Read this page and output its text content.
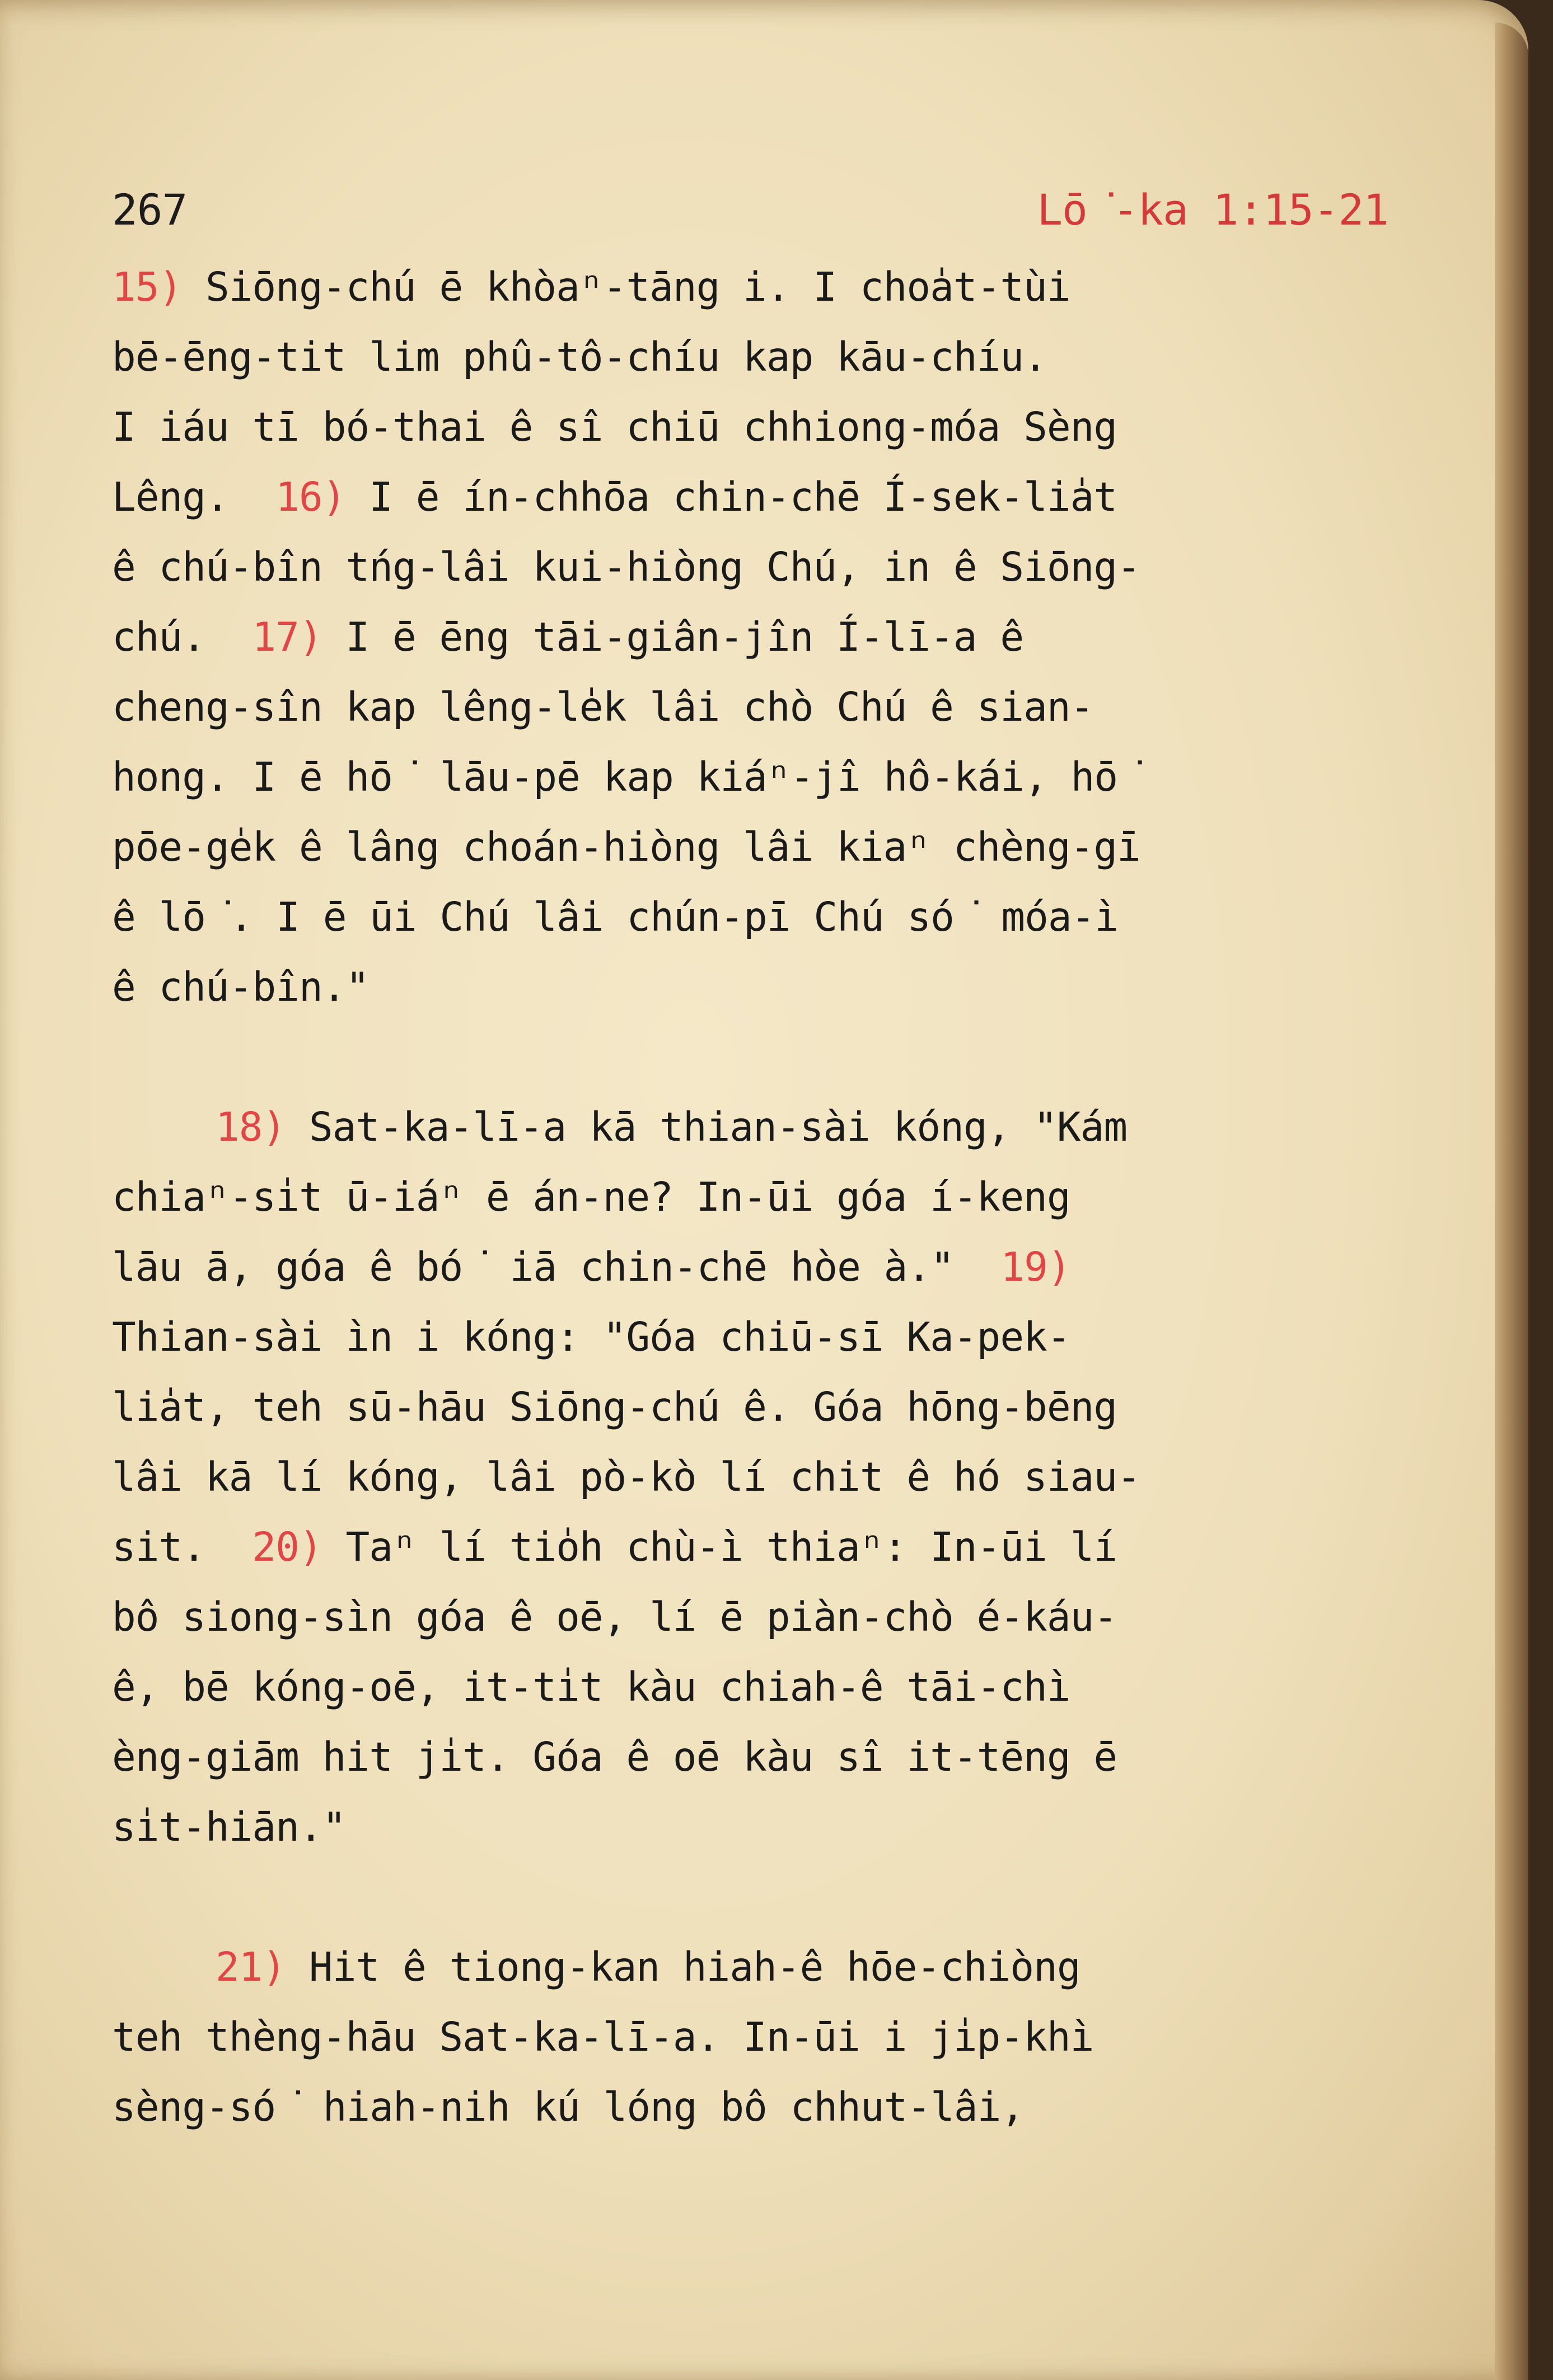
267	Lō͘-ka 1:15-21
15) Siōng-chú ē khòaⁿ-tāng i. I choa̍t-tùi
bē-ēng-tit lim phû-tô-chíu kap kāu-chíu.
I iáu tī bó-thai ê sî chiū chhiong-móa Sèng
Lêng.  16) I ē ín-chhōa chin-chē Í-sek-lia̍t
ê chú-bîn tńg-lâi kui-hiòng Chú, in ê Siōng-
chú.  17) I ē ēng tāi-giân-jîn Í-lī-a ê
cheng-sîn kap lêng-le̍k lâi chò Chú ê sian-
hong. I ē hō͘ lāu-pē kap kiáⁿ-jî hô-kái, hō͘
pōe-ge̍k ê lâng choán-hiòng lâi kiaⁿ chèng-gī
ê lō͘. I ē ūi Chú lâi chún-pī Chú só͘ móa-ì
ê chú-bîn."
18) Sat-ka-lī-a kā thian-sài kóng, "Kám
chiaⁿ-si̍t ū-iáⁿ ē án-ne? In-ūi góa í-keng
lāu ā, góa ê bó͘ iā chin-chē hòe à."  19)
Thian-sài ìn i kóng: "Góa chiū-sī Ka-pek-
lia̍t, teh sū-hāu Siōng-chú ê. Góa hōng-bēng
lâi kā lí kóng, lâi pò-kò lí chit ê hó siau-
sit.  20) Taⁿ lí tio̍h chù-ì thiaⁿ: In-ūi lí
bô siong-sìn góa ê oē, lí ē piàn-chò é-káu-
ê, bē kóng-oē, it-ti̍t kàu chiah-ê tāi-chì
èng-giām hit ji̍t. Góa ê oē kàu sî it-tēng ē
si̍t-hiān."
21) Hit ê tiong-kan hiah-ê hōe-chiòng
teh thèng-hāu Sat-ka-lī-a. In-ūi i ji̍p-khì
sèng-só͘ hiah-nih kú lóng bô chhut-lâi,
